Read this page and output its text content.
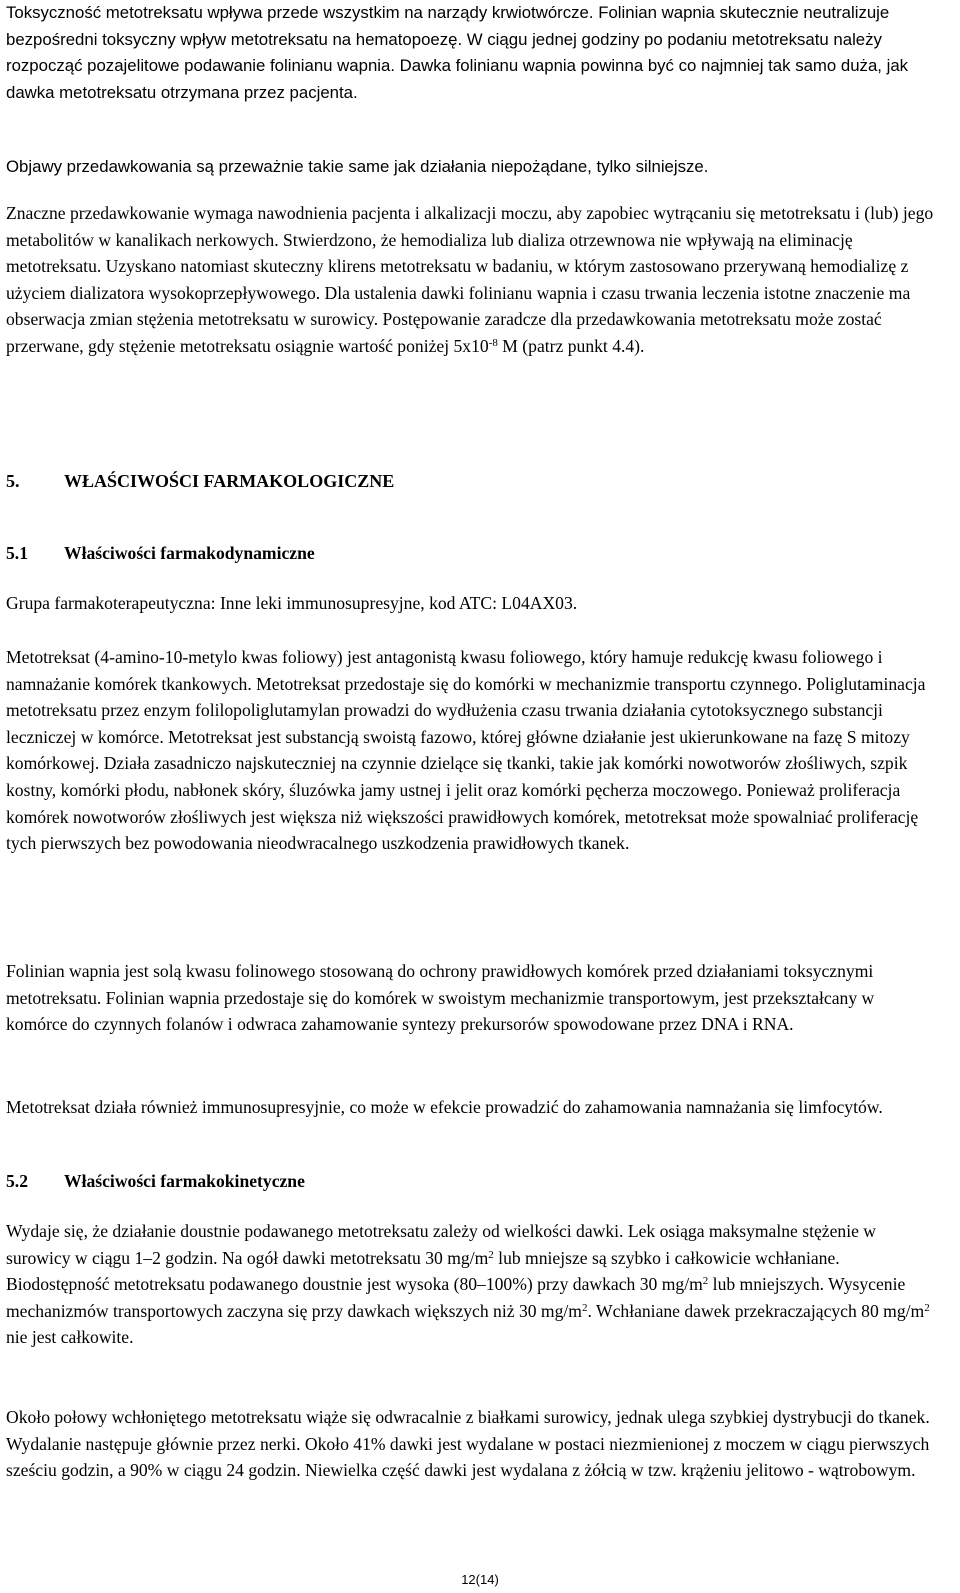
Toksyczność metotreksatu wpływa przede wszystkim na narządy krwiotwórcze. Folinian wapnia skutecznie neutralizuje bezpośredni toksyczny wpływ metotreksatu na hematopoezę. W ciągu jednej godziny po podaniu metotreksatu należy rozpocząć pozajelitowe podawanie folinianu wapnia. Dawka folinianu wapnia powinna być co najmniej tak samo duża, jak dawka metotreksatu otrzymana przez pacjenta.

Objawy przedawkowania są przeważnie takie same jak działania niepożądane, tylko silniejsze.

Znaczne przedawkowanie wymaga nawodnienia pacjenta i alkalizacji moczu, aby zapobiec wytrącaniu się metotreksatu i (lub) jego metabolitów w kanalikach nerkowych. Stwierdzono, że hemodializa lub dializa otrzewnowa nie wpływają na eliminację metotreksatu. Uzyskano natomiast skuteczny klirens metotreksatu w badaniu, w którym zastosowano przerywaną hemodializę z użyciem dializatora wysokoprzepływowego. Dla ustalenia dawki folinianu wapnia i czasu trwania leczenia istotne znaczenie ma obserwacja zmian stężenia metotreksatu w surowicy. Postępowanie zaradcze dla przedawkowania metotreksatu może zostać przerwane, gdy stężenie metotreksatu osiągnie wartość poniżej $5x10^{-8}$ M (patrz punkt 4.4).

5. WŁAŚCIWOŚCI FARMAKOLOGICZNE
5.1 Właściwości farmakodynamiczne

Grupa farmakoterapeutyczna: Inne leki immunosupresyjne, kod ATC: L04AX03.

Metotreksat (4-amino-10-metylo kwas foliowy) jest antagonistą kwasu foliowego, który hamuje redukcję kwasu foliowego i namnażanie komórek tkankowych. Metotreksat przedostaje się do komórki w mechanizmie transportu czynnego. Poliglutaminacja metotreksatu przez enzym folilopoliglutamylan prowadzi do wydłużenia czasu trwania działania cytotoksycznego substancji leczniczej w komórce. Metotreksat jest substancją swoistą fazowo, której główne działanie jest ukierunkowane na fazę S mitozy komórkowej. Działa zasadniczo najskuteczniej na czynnie dzielące się tkanki, takie jak komórki nowotworów złośliwych, szpik kostny, komórki płodu, nabłonek skóry, śluzówka jamy ustnej i jelit oraz komórki pęcherza moczowego. Ponieważ proliferacja komórek nowotworów złośliwych jest większa niż większości prawidłowych komórek, metotreksat może spowalniać proliferację tych pierwszych bez powodowania nieodwracalnego uszkodzenia prawidłowych tkanek.

Folinian wapnia jest solą kwasu folinowego stosowaną do ochrony prawidłowych komórek przed działaniami toksycznymi metotreksatu. Folinian wapnia przedostaje się do komórek w swoistym mechanizmie transportowym, jest przekształcany w komórce do czynnych folanów i odwraca zahamowanie syntezy prekursorów spowodowane przez DNA i RNA.

Metotreksat działa również immunosupresyjnie, co może w efekcie prowadzić do zahamowania namnażania się limfocytów.

5.2 Właściwości farmakokinetyczne

Wydaje się, że działanie doustnie podawanego metotreksatu zależy od wielkości dawki. Lek osiąga maksymalne stężenie w surowicy w ciągu 1–2 godzin. Na ogół dawki metotreksatu 30 $mg/m^2$ lub mniejsze są szybko i całkowicie wchłaniane. Biodostępność metotreksatu podawanego doustnie jest wysoka (80–100%) przy dawkach 30 $mg/m^2$ lub mniejszych. Wysycenie mechanizmów transportowych zaczyna się przy dawkach większych niż 30 $mg/m^2$. Wchłaniane dawek przekraczających 80 $mg/m^2$ nie jest całkowite.

Około połowy wchłoniętego metotreksatu wiąże się odwracalnie z białkami surowicy, jednak ulega szybkiej dystrybucji do tkanek. Wydalanie następuje głównie przez nerki. Około 41% dawki jest wydalane w postaci niezmienionej z moczem w ciągu pierwszych sześciu godzin, a 90% w ciągu 24 godzin. Niewielka część dawki jest wydalana z żółcią w tzw. krążeniu jelitowo - wątrobowym.

12(14)
